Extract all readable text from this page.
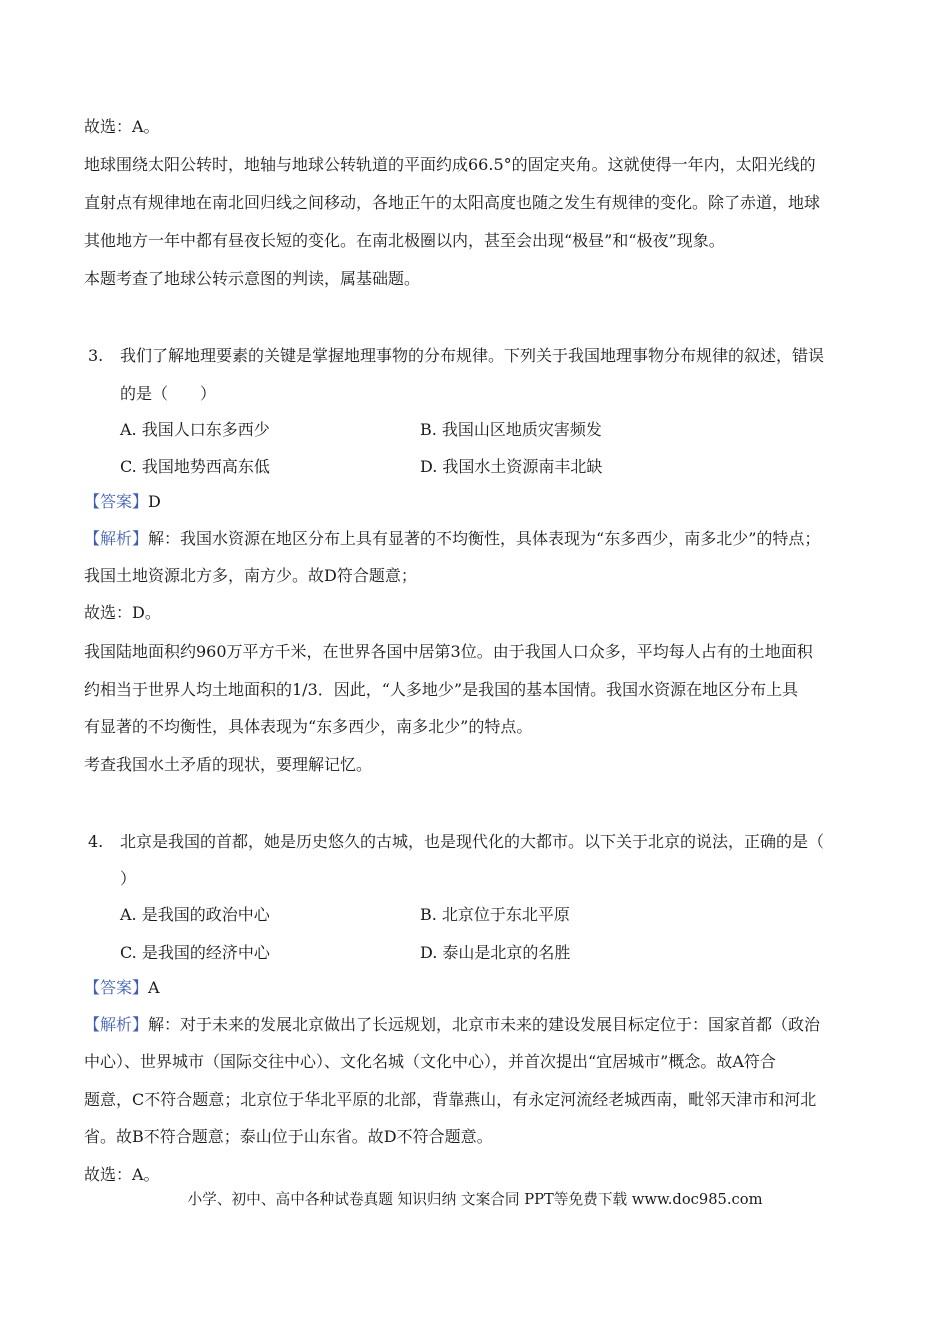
故选：A。
地球围绕太阳公转时，地轴与地球公转轨道的平面约成66.5°的固定夹角。这就使得一年内，太阳光线的
直射点有规律地在南北回归线之间移动，各地正午的太阳高度也随之发生有规律的变化。除了赤道，地球
其他地方一年中都有昼夜长短的变化。在南北极圈以内，甚至会出现“极昼”和“极夜”现象。
本题考查了地球公转示意图的判读，属基础题。
3. 我们了解地理要素的关键是掌握地理事物的分布规律。下列关于我国地理事物分布规律的叙述，错误
的是（　　）
A. 我国人口东多西少	B. 我国山区地质灾害频发
C. 我国地势西高东低	D. 我国水土资源南丰北缺
【答案】D
【解析】解：我国水资源在地区分布上具有显著的不均衡性，具体表现为“东多西少，南多北少”的特点；
我国土地资源北方多，南方少。故D符合题意；
故选：D。
我国陆地面积约960万平方千米，在世界各国中居第3位。由于我国人口众多，平均每人占有的土地面积
约相当于世界人均土地面积的1/3．因此，“人多地少”是我国的基本国情。我国水资源在地区分布上具
有显著的不均衡性，具体表现为“东多西少，南多北少”的特点。
考查我国水土矛盾的现状，要理解记忆。
4. 北京是我国的首都，她是历史悠久的古城，也是现代化的大都市。以下关于北京的说法，正确的是（
）
A. 是我国的政治中心	B. 北京位于东北平原
C. 是我国的经济中心	D. 泰山是北京的名胜
【答案】A
【解析】解：对于未来的发展北京做出了长远规划，北京市未来的建设发展目标定位于：国家首都（政治
中心）、世界城市（国际交往中心）、文化名城（文化中心），并首次提出“宜居城市”概念。故A符合
题意，C不符合题意；北京位于华北平原的北部，背靠燕山，有永定河流经老城西南，毗邻天津市和河北
省。故B不符合题意；泰山位于山东省。故D不符合题意。
故选：A。
小学、初中、高中各种试卷真题 知识归纳 文案合同 PPT等免费下载 www.doc985.com
